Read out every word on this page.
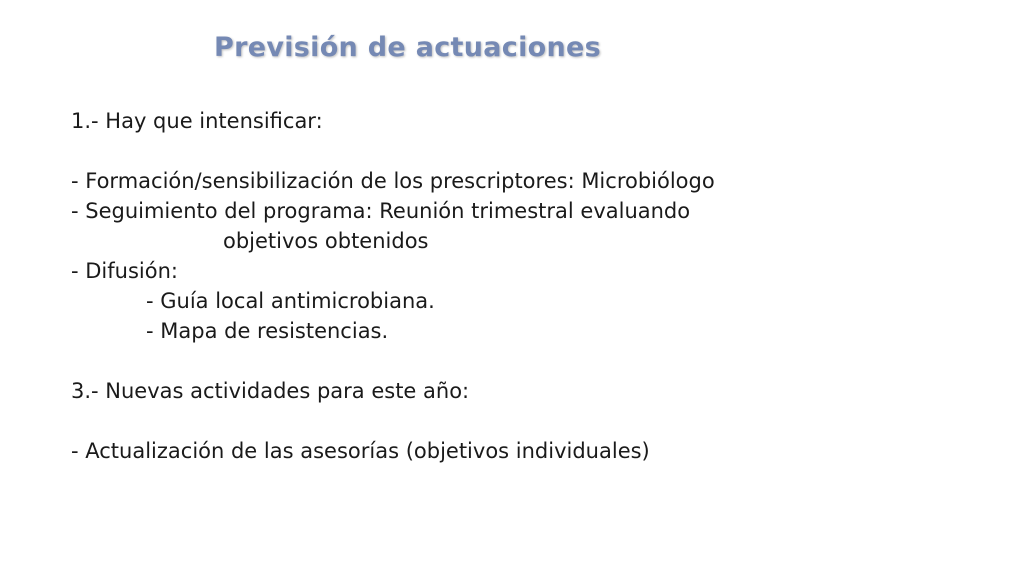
Previsión de actuaciones
1.- Hay que intensificar:
- Formación/sensibilización de los prescriptores: Microbiólogo
- Seguimiento del programa: Reunión trimestral evaluando
objetivos obtenidos
- Difusión:
- Guía local antimicrobiana.
- Mapa de resistencias.
3.- Nuevas actividades para este año:
- Actualización de las asesorías (objetivos individuales)
